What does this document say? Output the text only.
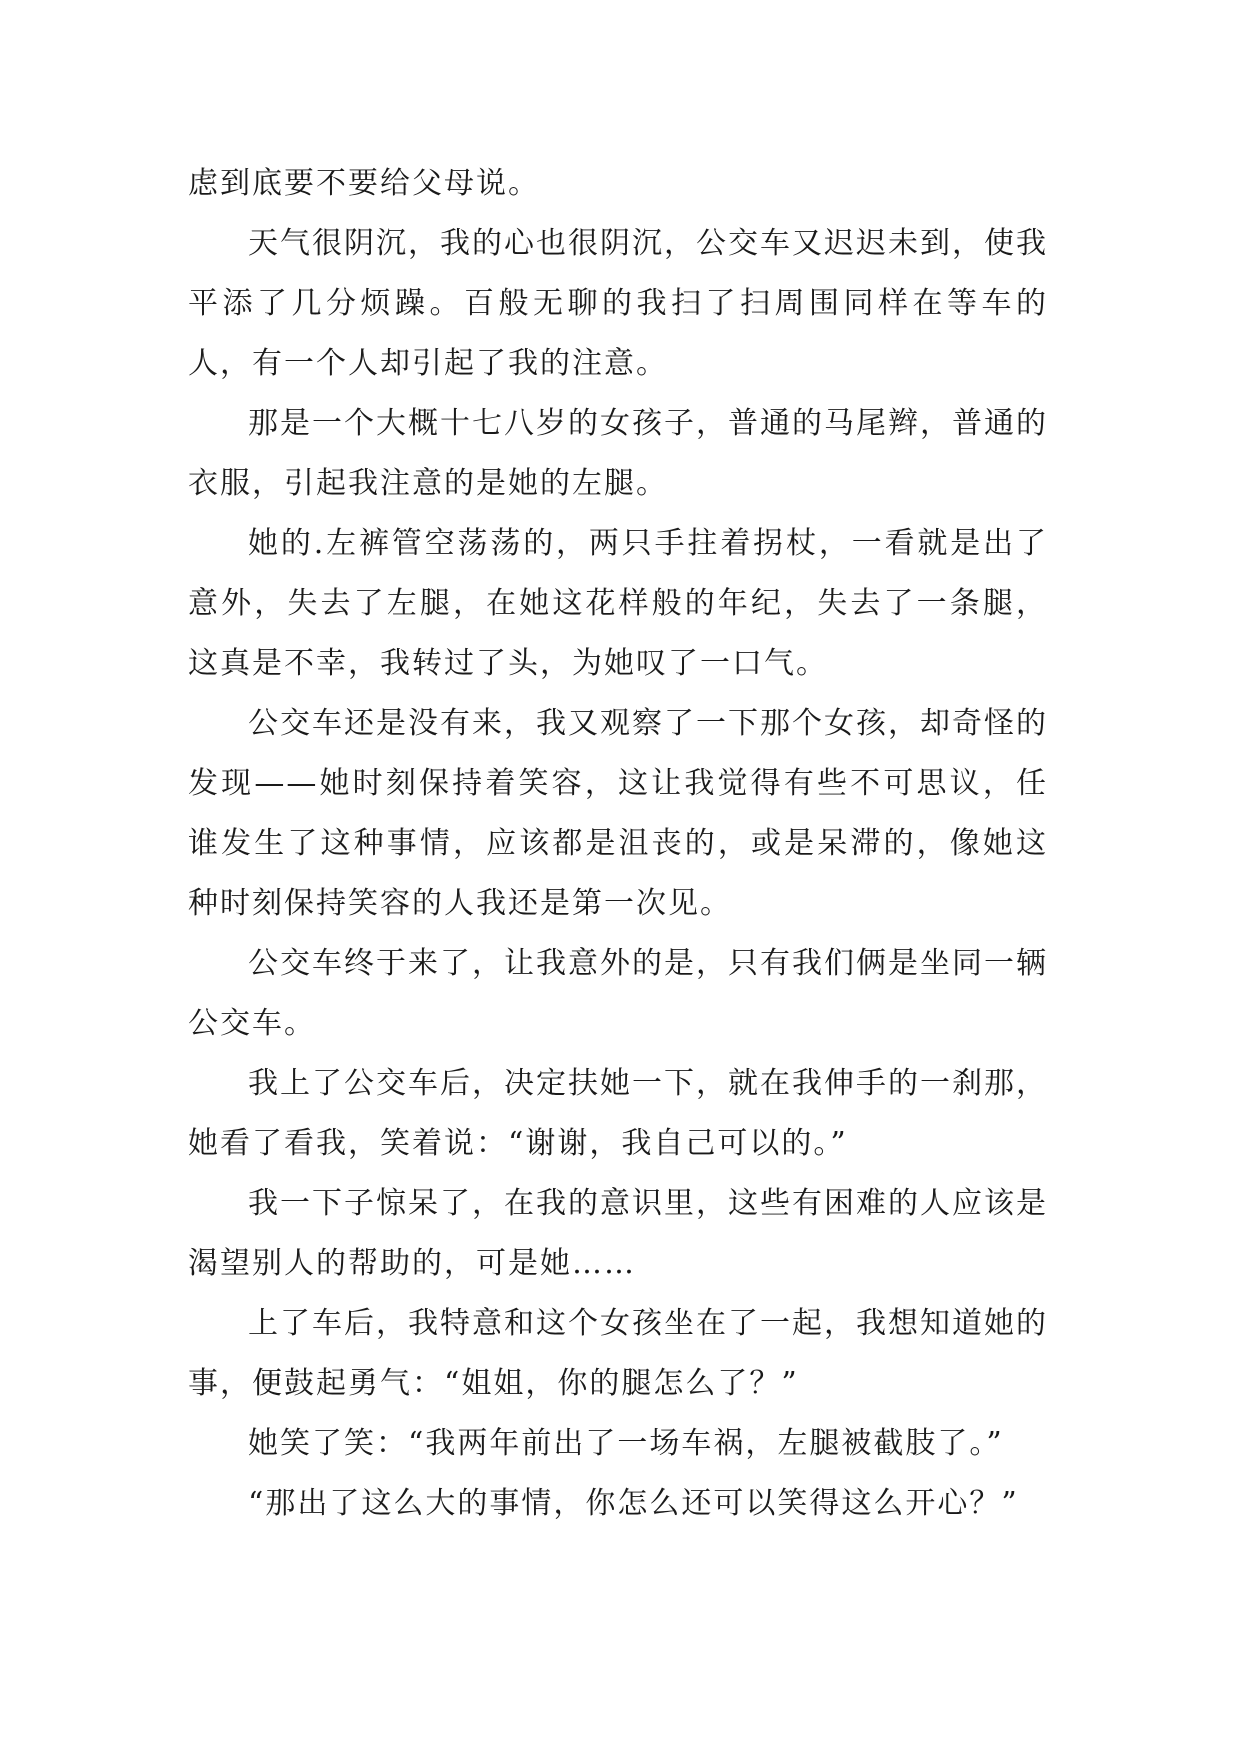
虑到底要不要给父母说。

天气很阴沉，我的心也很阴沉，公交车又迟迟未到，使我平添了几分烦躁。百般无聊的我扫了扫周围同样在等车的人，有一个人却引起了我的注意。

那是一个大概十七八岁的女孩子，普通的马尾辫，普通的衣服，引起我注意的是她的左腿。

她的.左裤管空荡荡的，两只手拄着拐杖，一看就是出了意外，失去了左腿，在她这花样般的年纪，失去了一条腿，这真是不幸，我转过了头，为她叹了一口气。

公交车还是没有来，我又观察了一下那个女孩，却奇怪的发现——她时刻保持着笑容，这让我觉得有些不可思议，任谁发生了这种事情，应该都是沮丧的，或是呆滞的，像她这种时刻保持笑容的人我还是第一次见。

公交车终于来了，让我意外的是，只有我们俩是坐同一辆公交车。

我上了公交车后，决定扶她一下，就在我伸手的一刹那，她看了看我，笑着说：“谢谢，我自己可以的。”

我一下子惊呆了，在我的意识里，这些有困难的人应该是渴望别人的帮助的，可是她……

上了车后，我特意和这个女孩坐在了一起，我想知道她的事，便鼓起勇气：“姐姐，你的腿怎么了？”

她笑了笑：“我两年前出了一场车祸，左腿被截肢了。”

“那出了这么大的事情，你怎么还可以笑得这么开心？”
